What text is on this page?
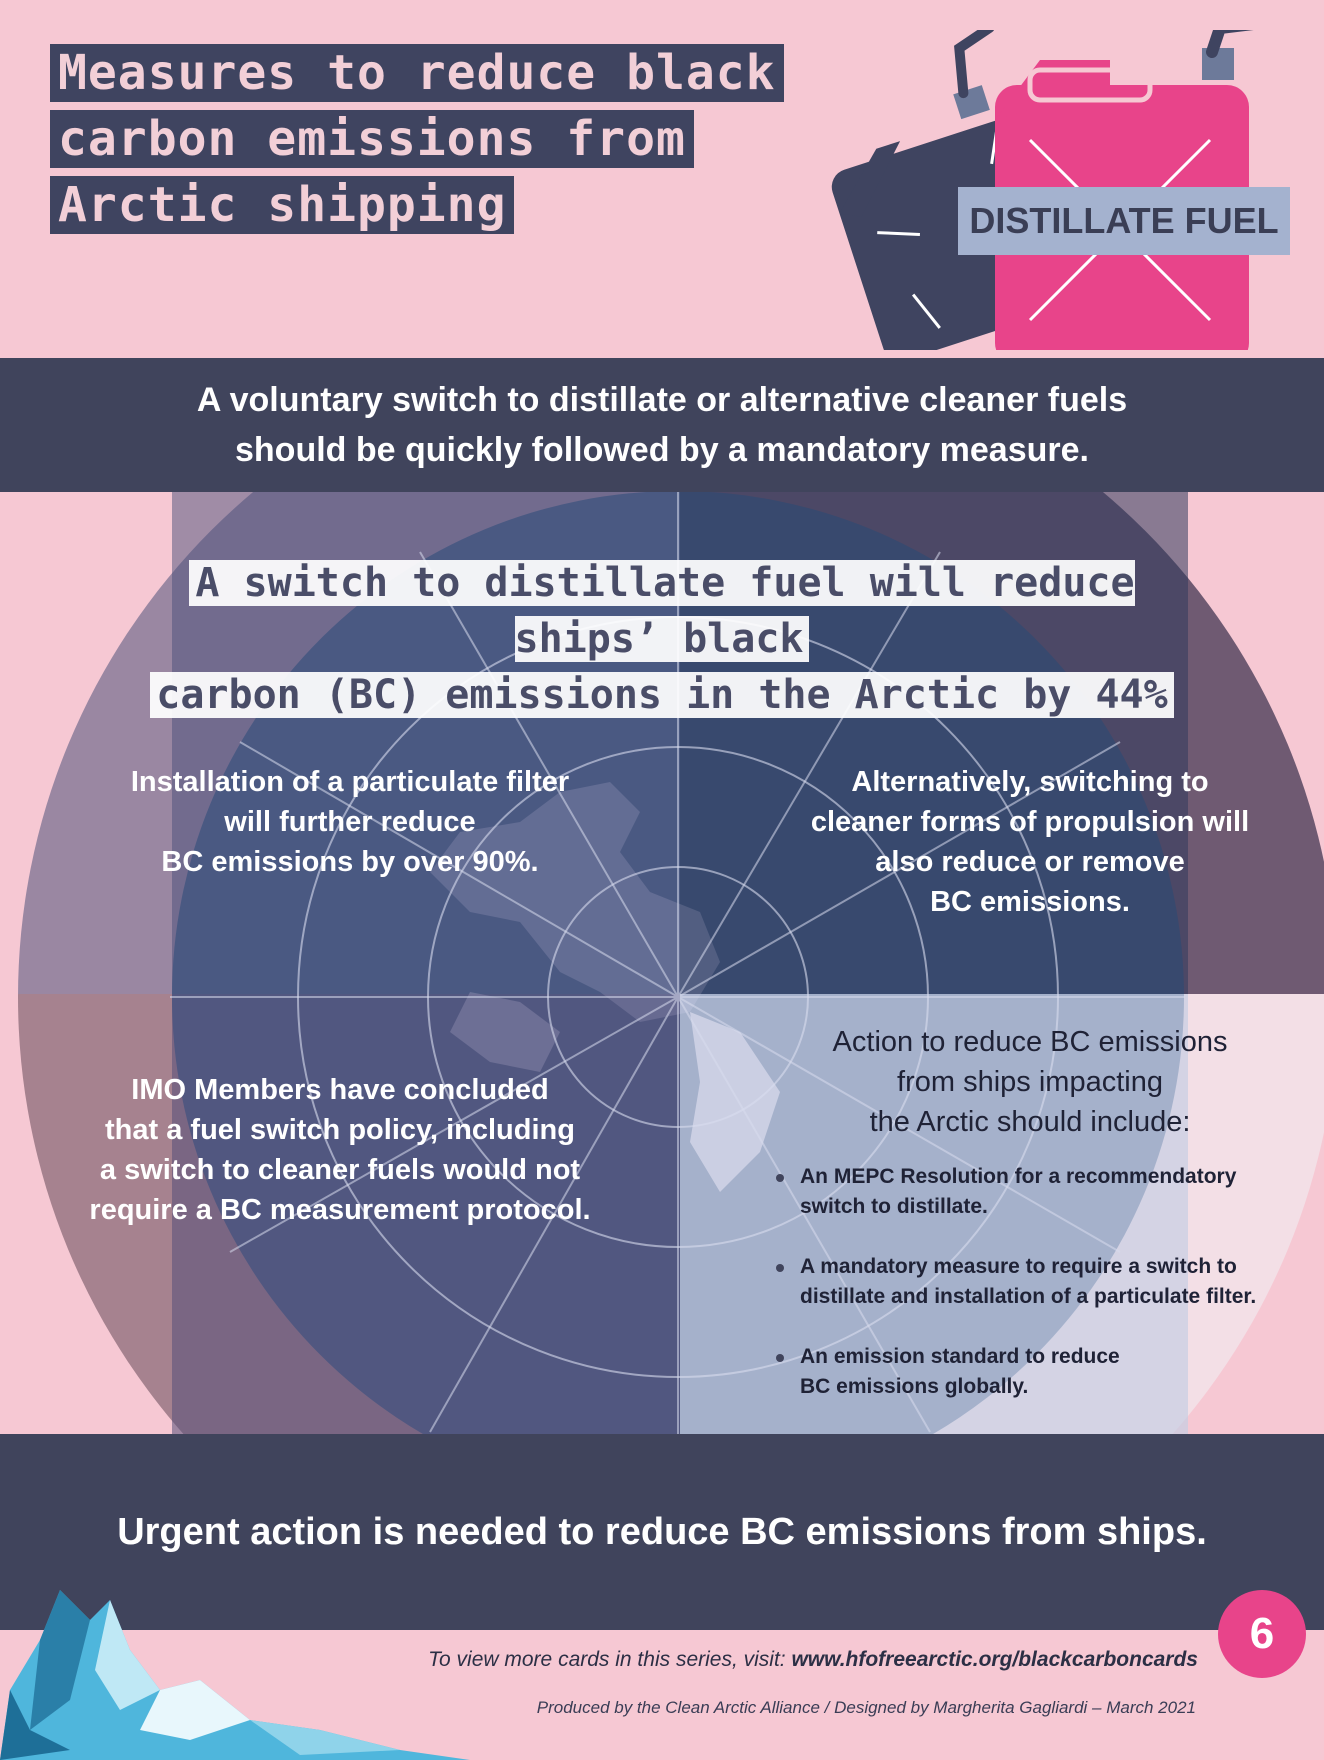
Measures to reduce black
carbon emissions from
Arctic shipping	DISTILLATE FUEL
A voluntary switch to distillate or alternative cleaner fuels
should be quickly followed by a mandatory measure.
Installation of a particulate filter
will further reduce
BC emissions by over 90%.
Alternatively, switching to
cleaner forms of propulsion will
also reduce or remove
BC emissions.
IMO Members have concluded
that a fuel switch policy, including
a switch to cleaner fuels would not
require a BC measurement protocol.
A switch to distillate fuel will reduce ships’ black
carbon (BC) emissions in the Arctic by 44%
Action to reduce BC emissions
from ships impacting
the Arctic should include:
An MEPC Resolution for a recommendatory
switch to distillate.
A mandatory measure to require a switch to
distillate and installation of a particulate filter.
An emission standard to reduce
BC emissions globally.
Urgent action is needed to reduce BC emissions from ships.
To view more cards in this series, visit: www.hfofreearctic.org/blackcarboncards
Produced by the Clean Arctic Alliance / Designed by Margherita Gagliardi – March 2021
6
